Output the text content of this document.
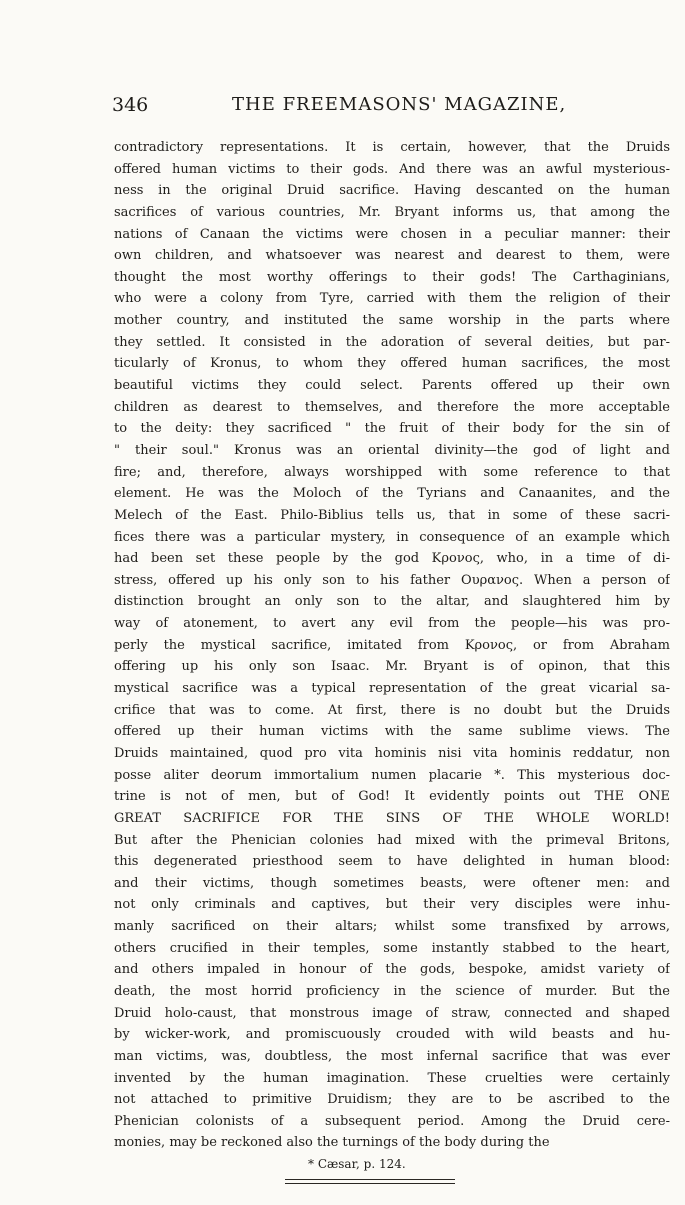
346	THE FREEMASONS' MAGAZINE,
contradictory representations. It is certain, however, that the Druids
offered human victims to their gods. And there was an awful mysterious-
ness in the original Druid sacrifice. Having descanted on the human
sacrifices of various countries, Mr. Bryant informs us, that among the
nations of Canaan the victims were chosen in a peculiar manner: their
own children, and whatsoever was nearest and dearest to them, were
thought the most worthy offerings to their gods! The Carthaginians,
who were a colony from Tyre, carried with them the religion of their
mother country, and instituted the same worship in the parts where
they settled. It consisted in the adoration of several deities, but par-
ticularly of Kronus, to whom they offered human sacrifices, the most
beautiful victims they could select. Parents offered up their own
children as dearest to themselves, and therefore the more acceptable
to the deity: they sacrificed " the fruit of their body for the sin of
" their soul." Kronus was an oriental divinity—the god of light and
fire; and, therefore, always worshipped with some reference to that
element. He was the Moloch of the Tyrians and Canaanites, and the
Melech of the East. Philo-Biblius tells us, that in some of these sacri-
fices there was a particular mystery, in consequence of an example which
had been set these people by the god Κρονος, who, in a time of di-
stress, offered up his only son to his father Ουρανος. When a person of
distinction brought an only son to the altar, and slaughtered him by
way of atonement, to avert any evil from the people—his was pro-
perly the mystical sacrifice, imitated from Κρονος, or from Abraham
offering up his only son Isaac. Mr. Bryant is of opinon, that this
mystical sacrifice was a typical representation of the great vicarial sa-
crifice that was to come. At first, there is no doubt but the Druids
offered up their human victims with the same sublime views. The
Druids maintained, quod pro vita hominis nisi vita hominis reddatur, non
posse aliter deorum immortalium numen placarie *. This mysterious doc-
trine is not of men, but of God! It evidently points out THE ONE
GREAT SACRIFICE FOR THE SINS OF THE WHOLE WORLD!
But after the Phenician colonies had mixed with the primeval Britons,
this degenerated priesthood seem to have delighted in human blood:
and their victims, though sometimes beasts, were oftener men: and
not only criminals and captives, but their very disciples were inhu-
manly sacrificed on their altars; whilst some transfixed by arrows,
others crucified in their temples, some instantly stabbed to the heart,
and others impaled in honour of the gods, bespoke, amidst variety of
death, the most horrid proficiency in the science of murder. But the
Druid holo-caust, that monstrous image of straw, connected and shaped
by wicker-work, and promiscuously crouded with wild beasts and hu-
man victims, was, doubtless, the most infernal sacrifice that was ever
invented by the human imagination. These cruelties were certainly
not attached to primitive Druidism; they are to be ascribed to the
Phenician colonists of a subsequent period. Among the Druid cere-
monies, may be reckoned also the turnings of the body during the
* Cæsar, p. 124.
